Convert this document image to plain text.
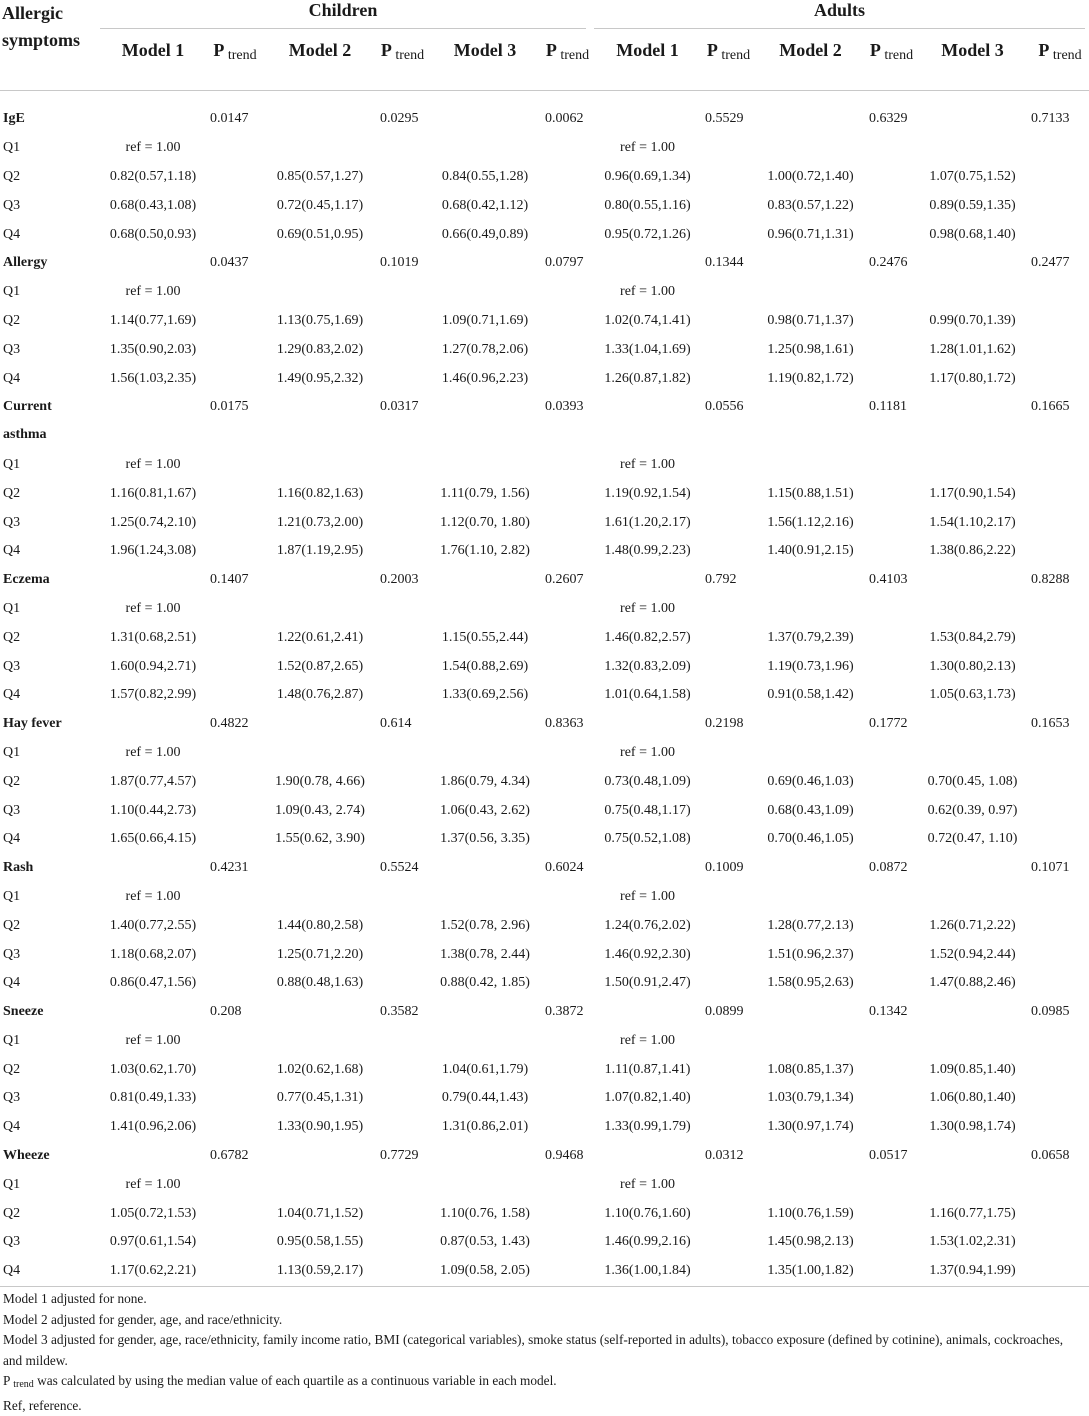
Allergic symptoms	Children						Adults					

	Model 1	P $_{trend}$	Model 2	P $_{trend}$	Model 3	P $_{trend}$	Model 1	P $_{trend}$	Model 2	P $_{trend}$	Model 3	P $_{trend}$

IgE		0.0147		0.0295		0.0062		0.5529		0.6329		0.7133
Q1	ref = 1.00						ref = 1.00					
Q2	0.82(0.57,1.18)		0.85(0.57,1.27)		0.84(0.55,1.28)		0.96(0.69,1.34)		1.00(0.72,1.40)		1.07(0.75,1.52)	
Q3	0.68(0.43,1.08)		0.72(0.45,1.17)		0.68(0.42,1.12)		0.80(0.55,1.16)		0.83(0.57,1.22)		0.89(0.59,1.35)	
Q4	0.68(0.50,0.93)		0.69(0.51,0.95)		0.66(0.49,0.89)		0.95(0.72,1.26)		0.96(0.71,1.31)		0.98(0.68,1.40)	
Allergy		0.0437		0.1019		0.0797		0.1344		0.2476		0.2477
Q1	ref = 1.00						ref = 1.00					
Q2	1.14(0.77,1.69)		1.13(0.75,1.69)		1.09(0.71,1.69)		1.02(0.74,1.41)		0.98(0.71,1.37)		0.99(0.70,1.39)	
Q3	1.35(0.90,2.03)		1.29(0.83,2.02)		1.27(0.78,2.06)		1.33(1.04,1.69)		1.25(0.98,1.61)		1.28(1.01,1.62)	
Q4	1.56(1.03,2.35)		1.49(0.95,2.32)		1.46(0.96,2.23)		1.26(0.87,1.82)		1.19(0.82,1.72)		1.17(0.80,1.72)	
Current asthma		0.0175		0.0317		0.0393		0.0556		0.1181		0.1665
Q1	ref = 1.00						ref = 1.00					
Q2	1.16(0.81,1.67)		1.16(0.82,1.63)		1.11(0.79, 1.56)		1.19(0.92,1.54)		1.15(0.88,1.51)		1.17(0.90,1.54)	
Q3	1.25(0.74,2.10)		1.21(0.73,2.00)		1.12(0.70, 1.80)		1.61(1.20,2.17)		1.56(1.12,2.16)		1.54(1.10,2.17)	
Q4	1.96(1.24,3.08)		1.87(1.19,2.95)		1.76(1.10, 2.82)		1.48(0.99,2.23)		1.40(0.91,2.15)		1.38(0.86,2.22)	
Eczema		0.1407		0.2003		0.2607		0.792		0.4103		0.8288
Q1	ref = 1.00						ref = 1.00					
Q2	1.31(0.68,2.51)		1.22(0.61,2.41)		1.15(0.55,2.44)		1.46(0.82,2.57)		1.37(0.79,2.39)		1.53(0.84,2.79)	
Q3	1.60(0.94,2.71)		1.52(0.87,2.65)		1.54(0.88,2.69)		1.32(0.83,2.09)		1.19(0.73,1.96)		1.30(0.80,2.13)	
Q4	1.57(0.82,2.99)		1.48(0.76,2.87)		1.33(0.69,2.56)		1.01(0.64,1.58)		0.91(0.58,1.42)		1.05(0.63,1.73)	
Hay fever		0.4822		0.614		0.8363		0.2198		0.1772		0.1653
Q1	ref = 1.00						ref = 1.00					
Q2	1.87(0.77,4.57)		1.90(0.78, 4.66)		1.86(0.79, 4.34)		0.73(0.48,1.09)		0.69(0.46,1.03)		0.70(0.45, 1.08)	
Q3	1.10(0.44,2.73)		1.09(0.43, 2.74)		1.06(0.43, 2.62)		0.75(0.48,1.17)		0.68(0.43,1.09)		0.62(0.39, 0.97)	
Q4	1.65(0.66,4.15)		1.55(0.62, 3.90)		1.37(0.56, 3.35)		0.75(0.52,1.08)		0.70(0.46,1.05)		0.72(0.47, 1.10)	
Rash		0.4231		0.5524		0.6024		0.1009		0.0872		0.1071
Q1	ref = 1.00						ref = 1.00					
Q2	1.40(0.77,2.55)		1.44(0.80,2.58)		1.52(0.78, 2.96)		1.24(0.76,2.02)		1.28(0.77,2.13)		1.26(0.71,2.22)	
Q3	1.18(0.68,2.07)		1.25(0.71,2.20)		1.38(0.78, 2.44)		1.46(0.92,2.30)		1.51(0.96,2.37)		1.52(0.94,2.44)	
Q4	0.86(0.47,1.56)		0.88(0.48,1.63)		0.88(0.42, 1.85)		1.50(0.91,2.47)		1.58(0.95,2.63)		1.47(0.88,2.46)	
Sneeze		0.208		0.3582		0.3872		0.0899		0.1342		0.0985
Q1	ref = 1.00						ref = 1.00					
Q2	1.03(0.62,1.70)		1.02(0.62,1.68)		1.04(0.61,1.79)		1.11(0.87,1.41)		1.08(0.85,1.37)		1.09(0.85,1.40)	
Q3	0.81(0.49,1.33)		0.77(0.45,1.31)		0.79(0.44,1.43)		1.07(0.82,1.40)		1.03(0.79,1.34)		1.06(0.80,1.40)	
Q4	1.41(0.96,2.06)		1.33(0.90,1.95)		1.31(0.86,2.01)		1.33(0.99,1.79)		1.30(0.97,1.74)		1.30(0.98,1.74)	
Wheeze		0.6782		0.7729		0.9468		0.0312		0.0517		0.0658
Q1	ref = 1.00						ref = 1.00					
Q2	1.05(0.72,1.53)		1.04(0.71,1.52)		1.10(0.76, 1.58)		1.10(0.76,1.60)		1.10(0.76,1.59)		1.16(0.77,1.75)	
Q3	0.97(0.61,1.54)		0.95(0.58,1.55)		0.87(0.53, 1.43)		1.46(0.99,2.16)		1.45(0.98,2.13)		1.53(1.02,2.31)	
Q4	1.17(0.62,2.21)		1.13(0.59,2.17)		1.09(0.58, 2.05)		1.36(1.00,1.84)		1.35(1.00,1.82)		1.37(0.94,1.99)	

Model 1 adjusted for none.

Model 2 adjusted for gender, age, and race/ethnicity.

Model 3 adjusted for gender, age, race/ethnicity, family income ratio, BMI (categorical variables), smoke status (self-reported in adults), tobacco exposure (defined by cotinine), animals, cockroaches, and mildew.

P trend was calculated by using the median value of each quartile as a continuous variable in each model.

Ref, reference.
